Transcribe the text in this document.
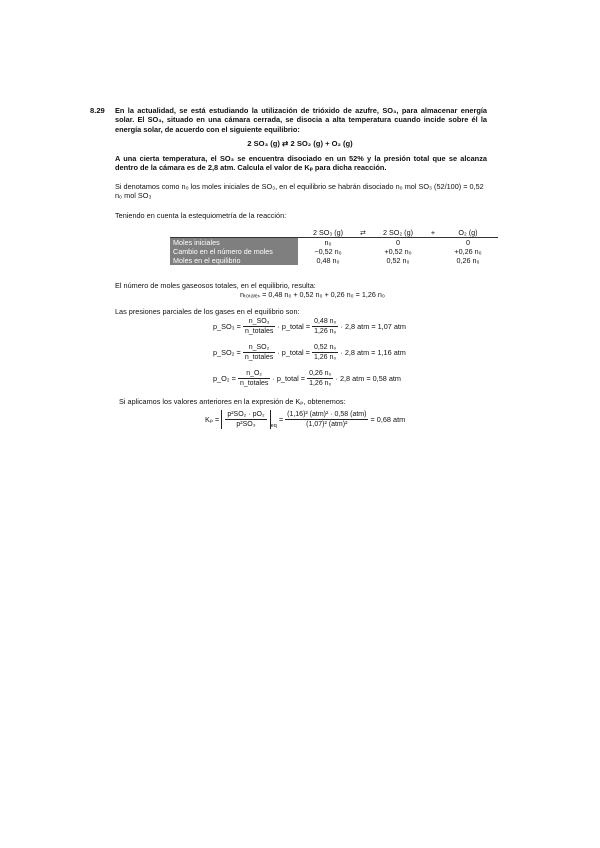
8.29 En la actualidad, se está estudiando la utilización de trióxido de azufre, SO₃, para almacenar energía solar. El SO₃, situado en una cámara cerrada, se disocia a alta temperatura cuando incide sobre él la energía solar, de acuerdo con el siguiente equilibrio:
2 SO₃ (g) ⇄ 2 SO₂ (g) + O₂ (g)
A una cierta temperatura, el SO₃ se encuentra disociado en un 52% y la presión total que se alcanza dentro de la cámara es de 2,8 atm. Calcula el valor de Kₚ para dicha reacción.
Si denotamos como n₀ los moles iniciales de SO₃, en el equilibrio se habrán disociado n₀ mol SO₃ (52/100) = 0,52 n₀ mol SO₃
Teniendo en cuenta la estequiometría de la reacción:
	2 SO₃ (g)	⇄	2 SO₂ (g)	+	O₂ (g)
Moles iniciales	n₀		0		0
Cambio en el número de moles	−0,52 n₀		+0,52 n₀		+0,26 n₀
Moles en el equilibrio	0,48 n₀		0,52 n₀		0,26 n₀
El número de moles gaseosos totales, en el equilibrio, resulta:
nₜₒₜₐₗₑₛ = 0,48 n₀ + 0,52 n₀ + 0,26 n₀ = 1,26 n₀
Las presiones parciales de los gases en el equilibrio son:
p_SO₃ = $\frac{\text{n\_SO₃}}{\text{n\_totales}}$ · p_total = $\frac{\text{0,48 n₀}}{\text{1,26 n₀}} \cdot 2,8$ atm = 1,07 atm
p_SO₂ = $\frac{\text{n\_SO₂}}{\text{n\_totales}}$ · p_total = $\frac{\text{0,52 n₀}}{\text{1,26 n₀}} \cdot 2,8$ atm = 1,16 atm
p_O₂ = $\frac{\text{n\_O₂}}{\text{n\_totales}}$ · p_total = $\frac{\text{0,26 n₀}}{\text{1,26 n₀}} \cdot 2,8$ atm = 0,58 atm
Si aplicamos los valores anteriores en la expresión de Kₚ, obtenemos:
$K_p = \frac{\text{p²SO₂ · pO₂}}{\text{p²SO₃}} _{eq} = \frac{\text{(1,16)² (atm)² · 0,58 (atm)}}{\text{(1,07)² (atm)²}} = 0,68$ atm
